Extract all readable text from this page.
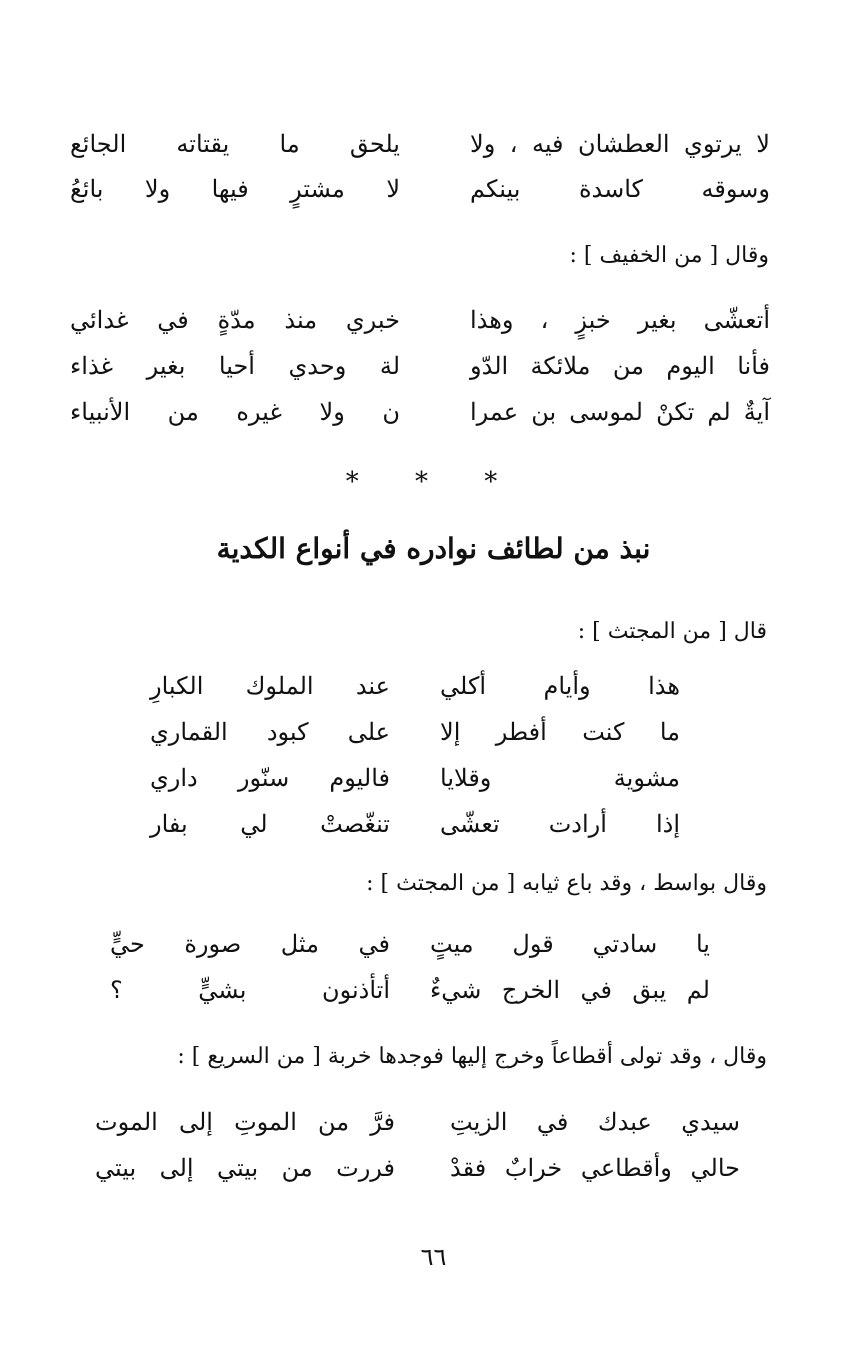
لا يرتوي العطشان فيه ، ولا
يلحق ما يقتاته الجائع
وسوقه كاسدة بينكم
لا مشترٍ فيها ولا بائعُ
وقال [ من الخفيف ] :
أتعشّى بغير خبزٍ ، وهذا
خبري منذ مدّةٍ في غدائي
فأنا اليوم من ملائكة الدّو
لة وحدي أحيا بغير غذاء
آيةٌ لم تكنْ لموسى بن عمرا
ن ولا غيره من الأنبياء
* * *
نبذ من لطائف نوادره في أنواع الكدية
قال [ من المجتث ] :
هذا وأيام أكلي
عند الملوك الكبارِ
ما كنت أفطر إلا
على كبود القماري
مشوية وقلايا
فاليوم سنّور داري
إذا أرادت تعشّى
تنغّصتْ لي بفار
وقال بواسط ، وقد باع ثيابه [ من المجتث ] :
يا سادتي قول ميتٍ
في مثل صورة حيٍّ
لم يبق في الخرج شيءٌ
أتأذنون بشيٍّ ؟
وقال ، وقد تولى أقطاعاً وخرج إليها فوجدها خربة [ من السريع ] :
سيدي عبدك في الزيتِ
فرَّ من الموتِ إلى الموت
حالي وأقطاعي خرابٌ فقدْ
فررت من بيتي إلى بيتي
٦٦
